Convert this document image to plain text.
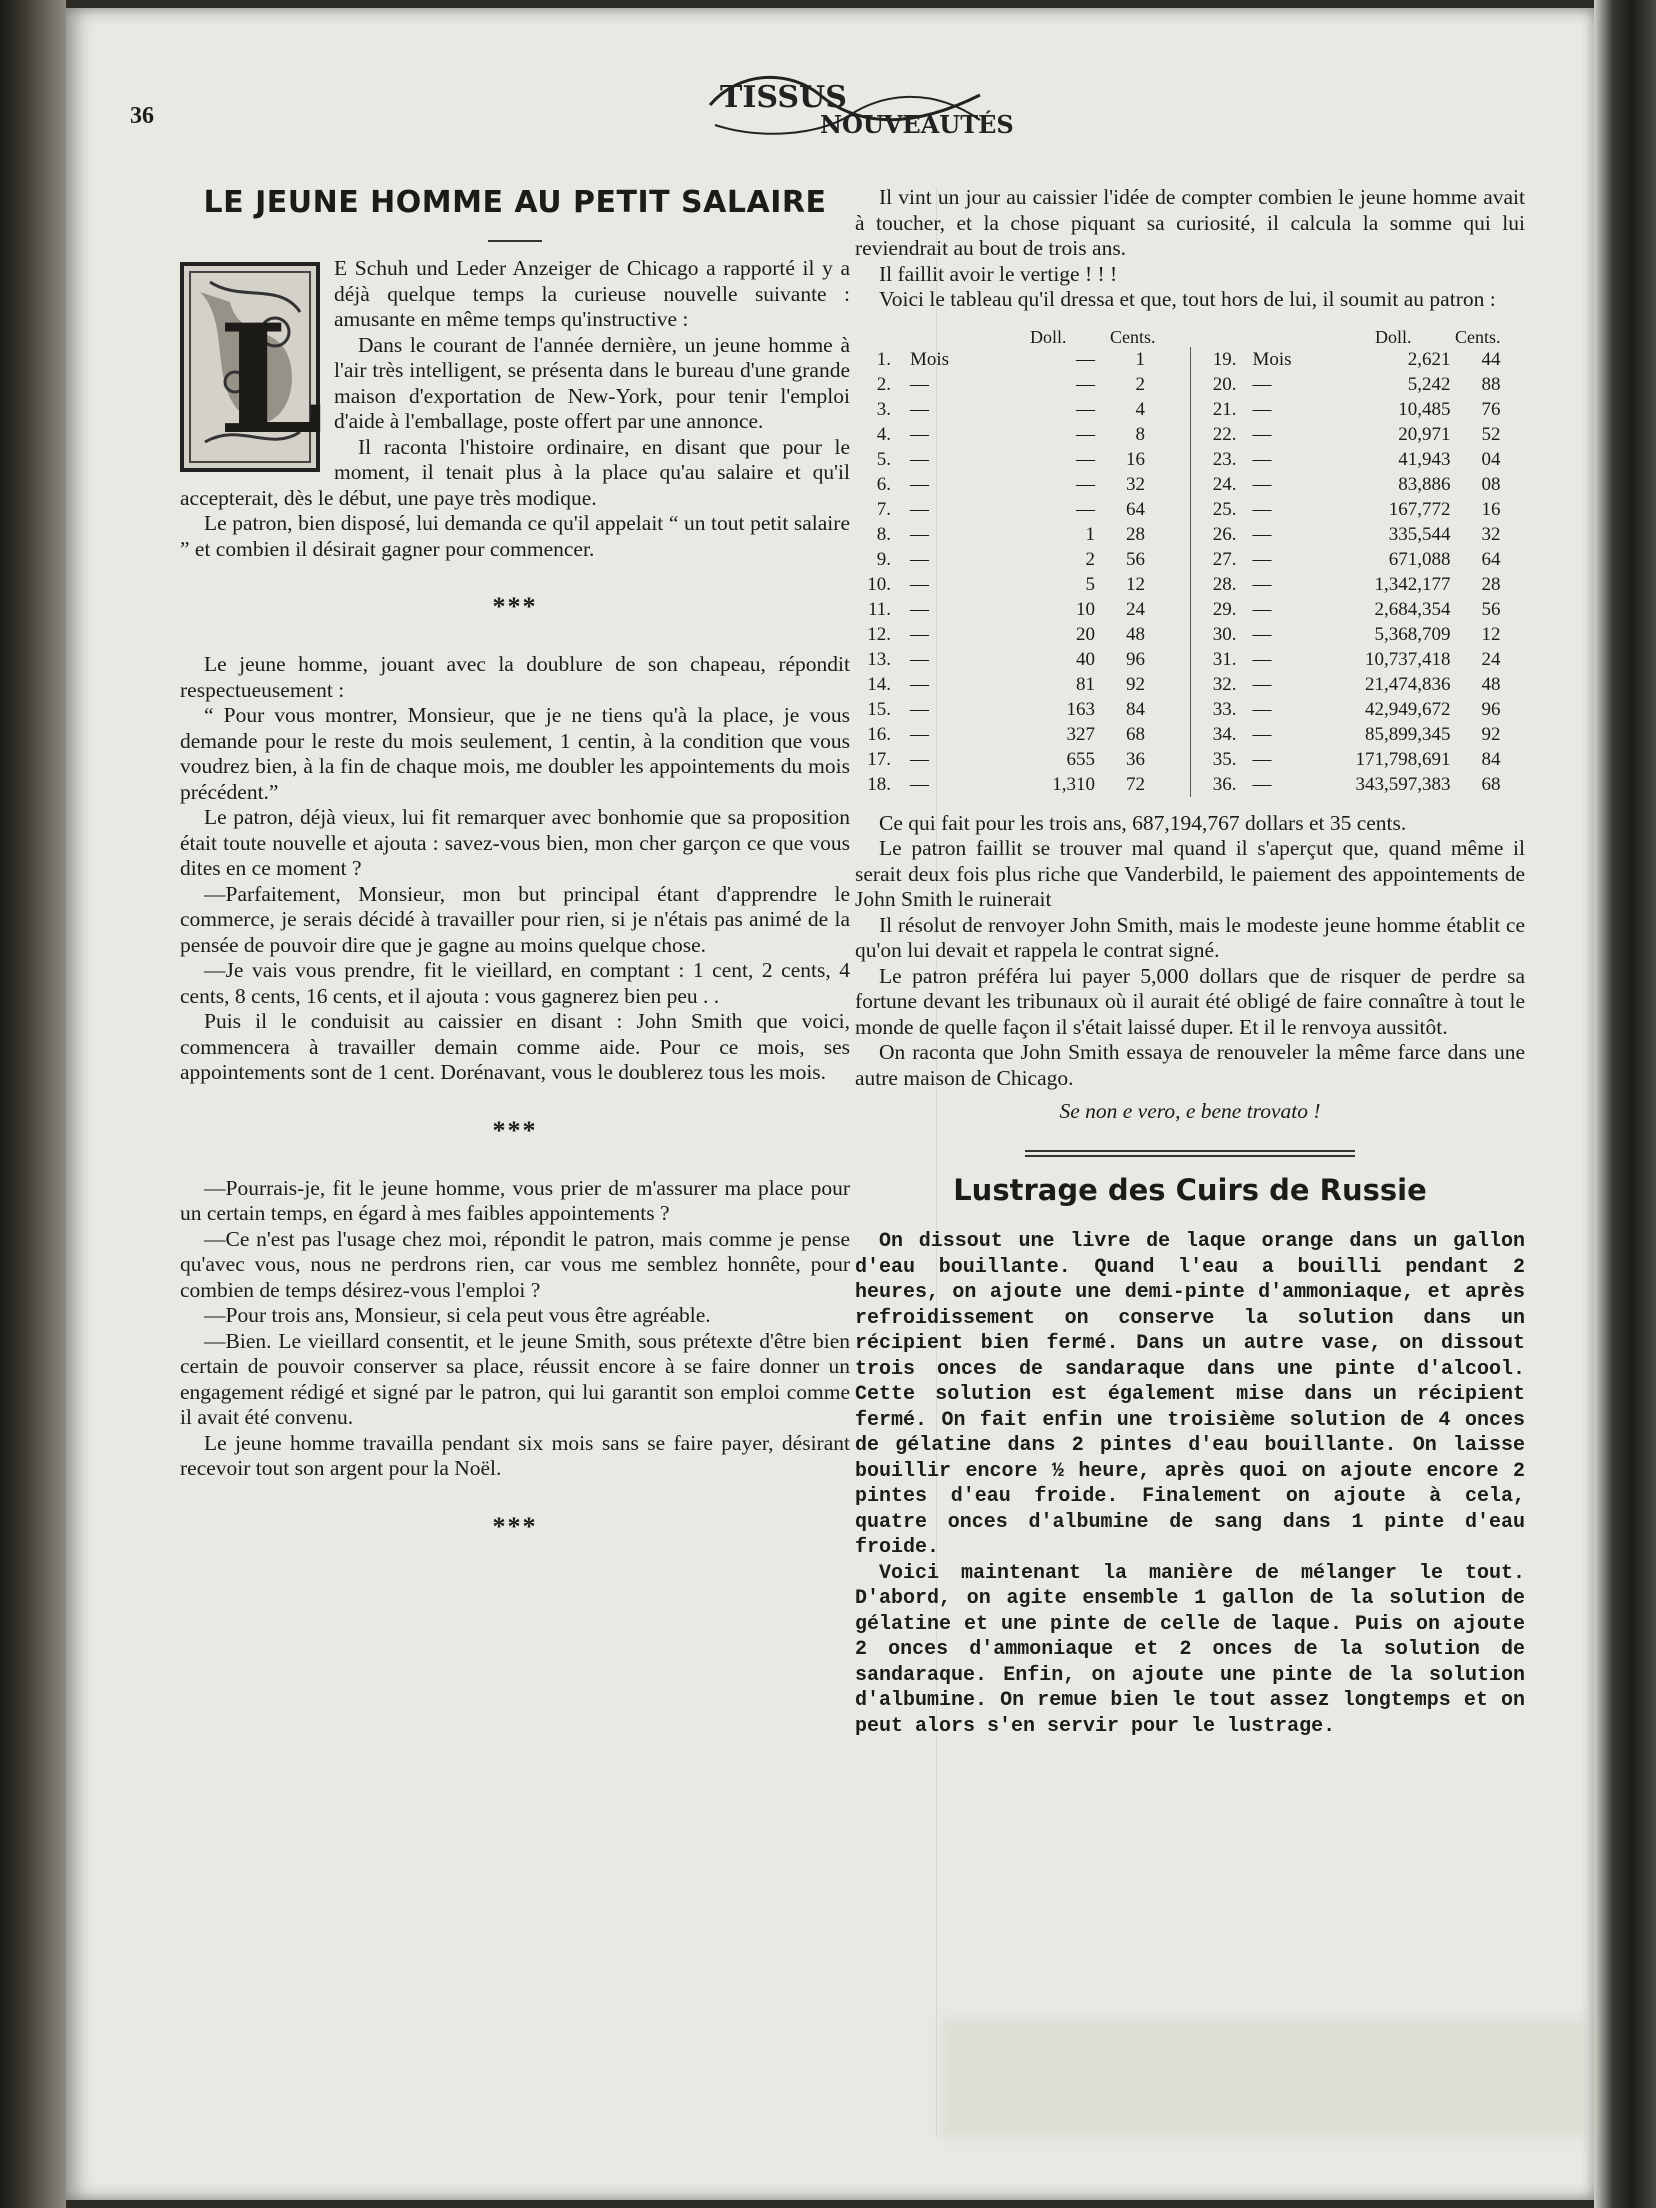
36
TISSUS
NOUVEAUTÉS
LE JEUNE HOMME AU PETIT SALAIRE
L

E Schuh und Leder Anzeiger de Chicago a rapporté il y a déjà quelque temps la curieuse nouvelle suivante : amusante en même temps qu'instructive :

Dans le courant de l'année dernière, un jeune homme à l'air très intelligent, se présenta dans le bureau d'une grande maison d'exportation de New-York, pour tenir l'emploi d'aide à l'emballage, poste offert par une annonce.

Il raconta l'histoire ordinaire, en disant que pour le moment, il tenait plus à la place qu'au salaire et qu'il accepterait, dès le début, une paye très modique.

Le patron, bien disposé, lui demanda ce qu'il appelait “ un tout petit salaire ” et combien il désirait gagner pour commencer.

***

Le jeune homme, jouant avec la doublure de son chapeau, répondit respectueusement :

“ Pour vous montrer, Monsieur, que je ne tiens qu'à la place, je vous demande pour le reste du mois seulement, 1 centin, à la condition que vous voudrez bien, à la fin de chaque mois, me doubler les appointements du mois précédent.”

Le patron, déjà vieux, lui fit remarquer avec bonhomie que sa proposition était toute nouvelle et ajouta : savez-vous bien, mon cher garçon ce que vous dites en ce moment ?

—Parfaitement, Monsieur, mon but principal étant d'apprendre le commerce, je serais décidé à travailler pour rien, si je n'étais pas animé de la pensée de pouvoir dire que je gagne au moins quelque chose.

—Je vais vous prendre, fit le vieillard, en comptant : 1 cent, 2 cents, 4 cents, 8 cents, 16 cents, et il ajouta : vous gagnerez bien peu . .

Puis il le conduisit au caissier en disant : John Smith que voici, commencera à travailler demain comme aide. Pour ce mois, ses appointements sont de 1 cent. Dorénavant, vous le doublerez tous les mois.

***

—Pourrais-je, fit le jeune homme, vous prier de m'assurer ma place pour un certain temps, en égard à mes faibles appointements ?

—Ce n'est pas l'usage chez moi, répondit le patron, mais comme je pense qu'avec vous, nous ne perdrons rien, car vous me semblez honnête, pour combien de temps désirez-vous l'emploi ?

—Pour trois ans, Monsieur, si cela peut vous être agréable.

—Bien. Le vieillard consentit, et le jeune Smith, sous prétexte d'être bien certain de pouvoir conserver sa place, réussit encore à se faire donner un engagement rédigé et signé par le patron, qui lui garantit son emploi comme il avait été convenu.

Le jeune homme travailla pendant six mois sans se faire payer, désirant recevoir tout son argent pour la Noël.

***

Il vint un jour au caissier l'idée de compter combien le jeune homme avait à toucher, et la chose piquant sa curiosité, il calcula la somme qui lui reviendrait au bout de trois ans.

Il faillit avoir le vertige ! ! !

Voici le tableau qu'il dressa et que, tout hors de lui, il soumit au patron :

Doll. Cents.	Doll. Cents.
1. Mois	—	1
2. —	—	2
3. —	—	4
4. —	—	8
5. —	—	16
6. —	—	32
7. —	—	64
8. —	1	28
9. —	2	56
10. —	5	12
11. —	10	24
12. —	20	48
13. —	40	96
14. —	81	92
15. —	163	84
16. —	327	68
17. —	655	36
18. —	1,310	72
19. Mois	2,621	44
20. —	5,242	88
21. —	10,485	76
22. —	20,971	52
23. —	41,943	04
24. —	83,886	08
25. —	167,772	16
26. —	335,544	32
27. —	671,088	64
28. —	1,342,177	28
29. —	2,684,354	56
30. —	5,368,709	12
31. —	10,737,418	24
32. —	21,474,836	48
33. —	42,949,672	96
34. —	85,899,345	92
35. —	171,798,691	84
36. —	343,597,383	68

Ce qui fait pour les trois ans, 687,194,767 dollars et 35 cents.

Le patron faillit se trouver mal quand il s'aperçut que, quand même il serait deux fois plus riche que Vanderbild, le paiement des appointements de John Smith le ruinerait

Il résolut de renvoyer John Smith, mais le modeste jeune homme établit ce qu'on lui devait et rappela le contrat signé.

Le patron préféra lui payer 5,000 dollars que de risquer de perdre sa fortune devant les tribunaux où il aurait été obligé de faire connaître à tout le monde de quelle façon il s'était laissé duper. Et il le renvoya aussitôt.

On raconta que John Smith essaya de renouveler la même farce dans une autre maison de Chicago.

Se non e vero, e bene trovato !

Lustrage des Cuirs de Russie

On dissout une livre de laque orange dans un gallon d'eau bouillante. Quand l'eau a bouilli pendant 2 heures, on ajoute une demi-pinte d'ammoniaque, et après refroidissement on conserve la solution dans un récipient bien fermé. Dans un autre vase, on dissout trois onces de sandaraque dans une pinte d'alcool. Cette solution est également mise dans un récipient fermé. On fait enfin une troisième solution de 4 onces de gélatine dans 2 pintes d'eau bouillante. On laisse bouillir encore ½ heure, après quoi on ajoute encore 2 pintes d'eau froide. Finalement on ajoute à cela, quatre onces d'albumine de sang dans 1 pinte d'eau froide.

Voici maintenant la manière de mélanger le tout. D'abord, on agite ensemble 1 gallon de la solution de gélatine et une pinte de celle de laque. Puis on ajoute 2 onces d'ammoniaque et 2 onces de la solution de sandaraque. Enfin, on ajoute une pinte de la solution d'albumine. On remue bien le tout assez longtemps et on peut alors s'en servir pour le lustrage.
